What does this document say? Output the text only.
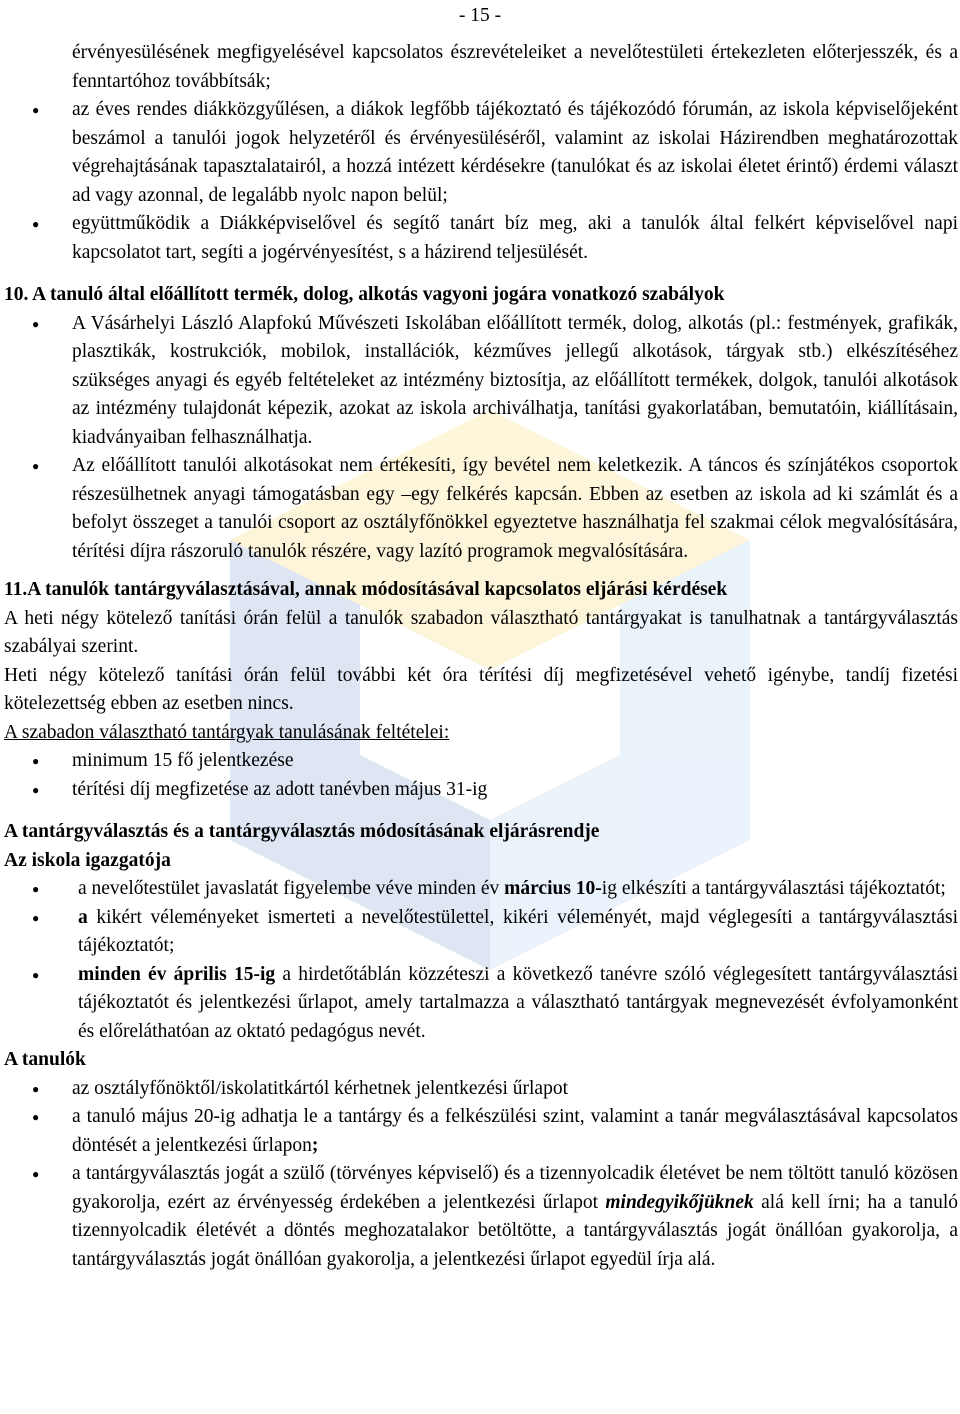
- 15 -
érvényesülésének megfigyelésével kapcsolatos észrevételeiket a nevelőtestületi értekezleten előterjesszék, és a fenntartóhoz továbbítsák;
● az éves rendes diákközgyűlésen, a diákok legfőbb tájékoztató és tájékozódó fórumán, az iskola képviselőjeként beszámol a tanulói jogok helyzetéről és érvényesüléséről, valamint az iskolai Házirendben meghatározottak végrehajtásának tapasztalatairól, a hozzá intézett kérdésekre (tanulókat és az iskolai életet érintő) érdemi választ ad vagy azonnal, de legalább nyolc napon belül;
● együttműködik a Diákképviselővel és segítő tanárt bíz meg, aki a tanulók által felkért képviselővel napi kapcsolatot tart, segíti a jogérvényesítést, s a házirend teljesülését.
10. A tanuló által előállított termék, dolog, alkotás vagyoni jogára vonatkozó szabályok
● A Vásárhelyi László Alapfokú Művészeti Iskolában előállított termék, dolog, alkotás (pl.: festmények, grafikák, plasztikák, kostrukciók, mobilok, installációk, kézműves jellegű alkotások, tárgyak stb.) elkészítéséhez szükséges anyagi és egyéb feltételeket az intézmény biztosítja, az előállított termékek, dolgok, tanulói alkotások az intézmény tulajdonát képezik, azokat az iskola archiválhatja, tanítási gyakorlatában, bemutatóin, kiállításain, kiadványaiban felhasználhatja.
● Az előállított tanulói alkotásokat nem értékesíti, így bevétel nem keletkezik. A táncos és színjátékos csoportok részesülhetnek anyagi támogatásban egy –egy felkérés kapcsán. Ebben az esetben az iskola ad ki számlát és a befolyt összeget a tanulói csoport az osztályfőnökkel egyeztetve használhatja fel szakmai célok megvalósítására, térítési díjra rászoruló tanulók részére, vagy lazító programok megvalósítására.
11.A tanulók tantárgyválasztásával, annak módosításával kapcsolatos eljárási kérdések
A heti négy kötelező tanítási órán felül a tanulók szabadon választható tantárgyakat is tanulhatnak a tantárgyválasztás szabályai szerint.
Heti négy kötelező tanítási órán felül további két óra térítési díj megfizetésével vehető igénybe, tandíj fizetési kötelezettség ebben az esetben nincs.
A szabadon választható tantárgyak tanulásának feltételei:
● minimum 15 fő jelentkezése
● térítési díj megfizetése az adott tanévben május 31-ig
A tantárgyválasztás és a tantárgyválasztás módosításának eljárásrendje
Az iskola igazgatója
● a nevelőtestület javaslatát figyelembe véve minden év március 10-ig elkészíti a tantárgyválasztási tájékoztatót;
● a kikért véleményeket ismerteti a nevelőtestülettel, kikéri véleményét, majd véglegesíti a tantárgyválasztási tájékoztatót;
● minden év április 15-ig a hirdetőtáblán közzéteszi a következő tanévre szóló véglegesített tantárgyválasztási tájékoztatót és jelentkezési űrlapot, amely tartalmazza a választható tantárgyak megnevezését évfolyamonként és előreláthatóan az oktató pedagógus nevét.
A tanulók
● az osztályfőnöktől/iskolatitkártól kérhetnek jelentkezési űrlapot
● a tanuló május 20-ig adhatja le a tantárgy és a felkészülési szint, valamint a tanár megválasztásával kapcsolatos döntését a jelentkezési űrlapon;
● a tantárgyválasztás jogát a szülő (törvényes képviselő) és a tizennyolcadik életévet be nem töltött tanuló közösen gyakorolja, ezért az érvényesség érdekében a jelentkezési űrlapot mindegyikőjüknek alá kell írni; ha a tanuló tizennyolcadik életévét a döntés meghozatalakor betöltötte, a tantárgyválasztás jogát önállóan gyakorolja, a tantárgyválasztás jogát önállóan gyakorolja, a jelentkezési űrlapot egyedül írja alá.
